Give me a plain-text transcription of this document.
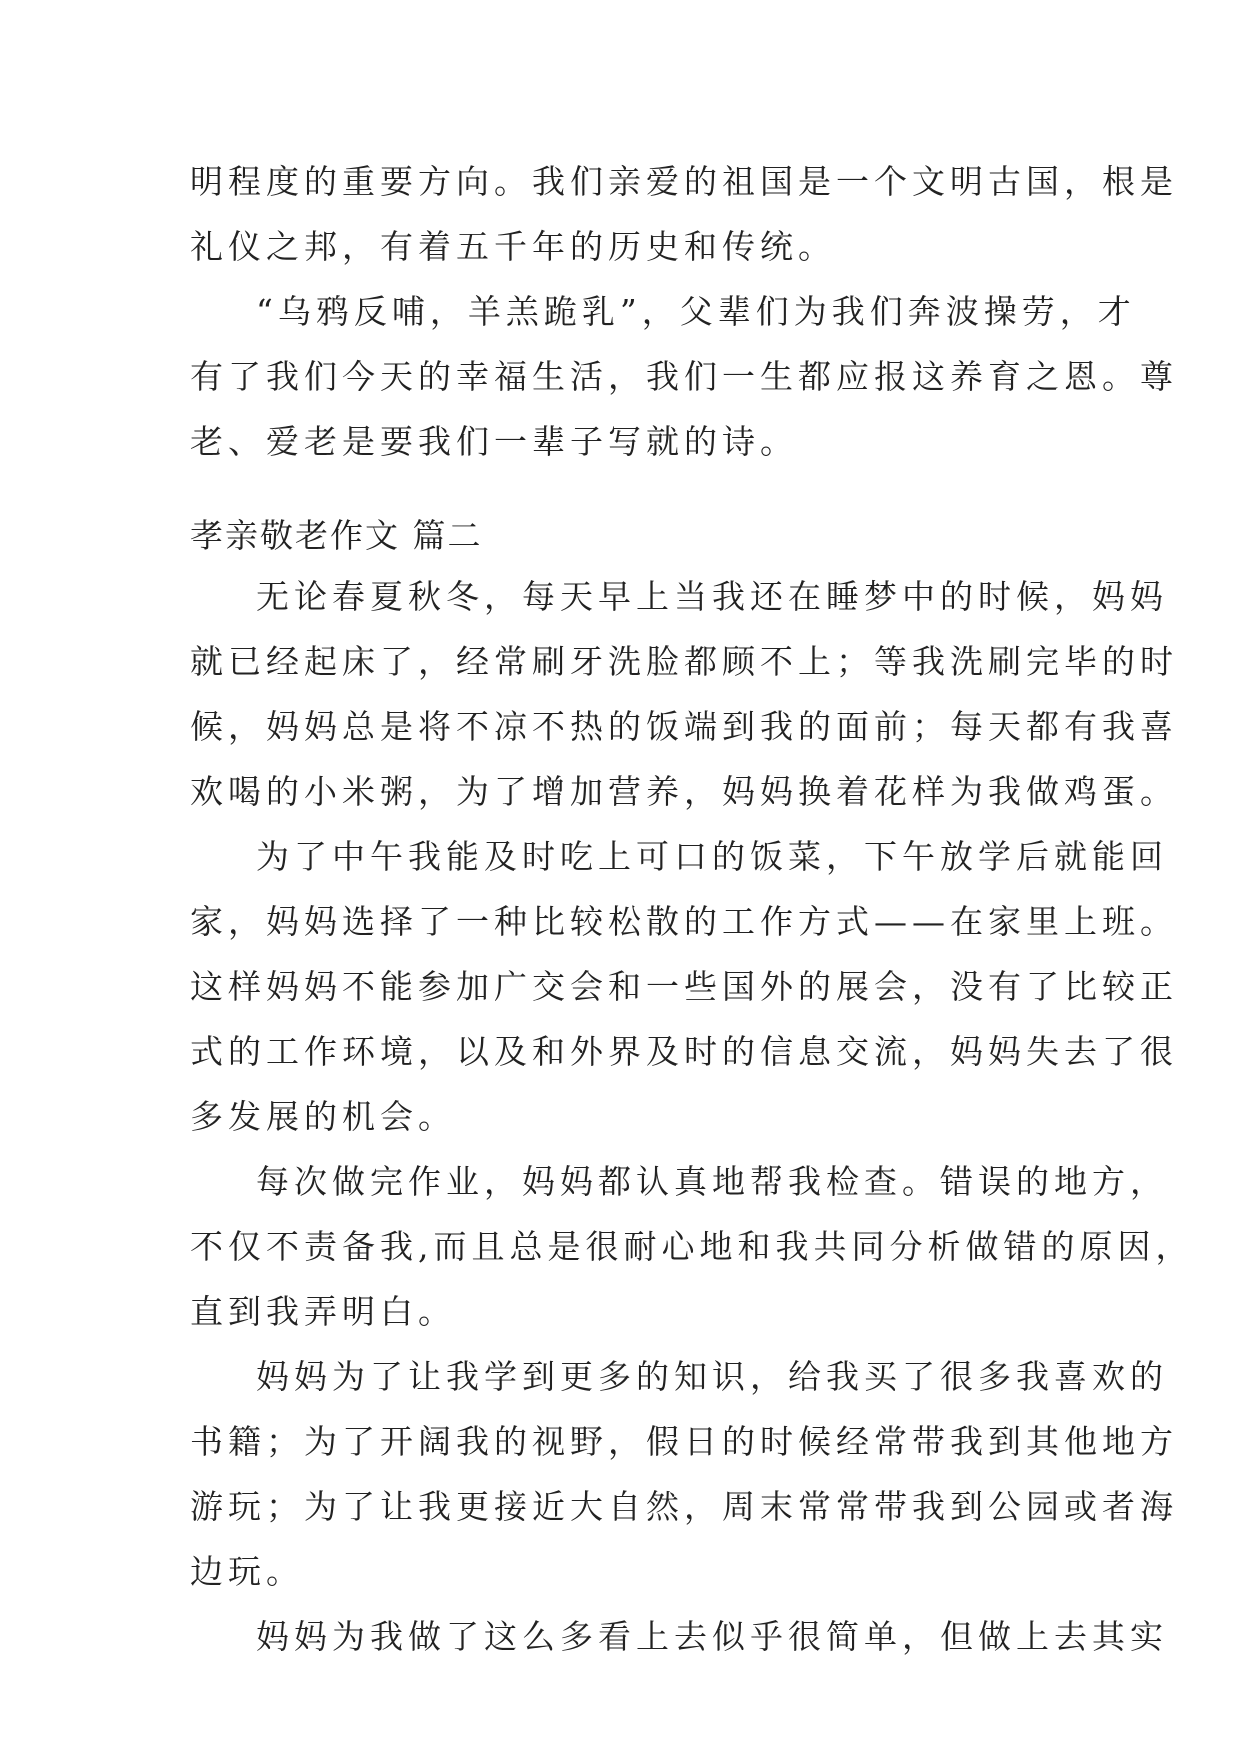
明程度的重要方向。我们亲爱的祖国是一个文明古国，根是
礼仪之邦，有着五千年的历史和传统。
“乌鸦反哺，羊羔跪乳”，父辈们为我们奔波操劳，才
有了我们今天的幸福生活，我们一生都应报这养育之恩。尊
老、爱老是要我们一辈子写就的诗。
孝亲敬老作文 篇二
无论春夏秋冬，每天早上当我还在睡梦中的时候，妈妈
就已经起床了，经常刷牙洗脸都顾不上；等我洗刷完毕的时
候，妈妈总是将不凉不热的饭端到我的面前；每天都有我喜
欢喝的小米粥，为了增加营养，妈妈换着花样为我做鸡蛋。
为了中午我能及时吃上可口的饭菜，下午放学后就能回
家，妈妈选择了一种比较松散的工作方式——在家里上班。
这样妈妈不能参加广交会和一些国外的展会，没有了比较正
式的工作环境，以及和外界及时的信息交流，妈妈失去了很
多发展的机会。
每次做完作业，妈妈都认真地帮我检查。错误的地方，
不仅不责备我,而且总是很耐心地和我共同分析做错的原因，
直到我弄明白。
妈妈为了让我学到更多的知识，给我买了很多我喜欢的
书籍；为了开阔我的视野，假日的时候经常带我到其他地方
游玩；为了让我更接近大自然，周末常常带我到公园或者海
边玩。
妈妈为我做了这么多看上去似乎很简单，但做上去其实
